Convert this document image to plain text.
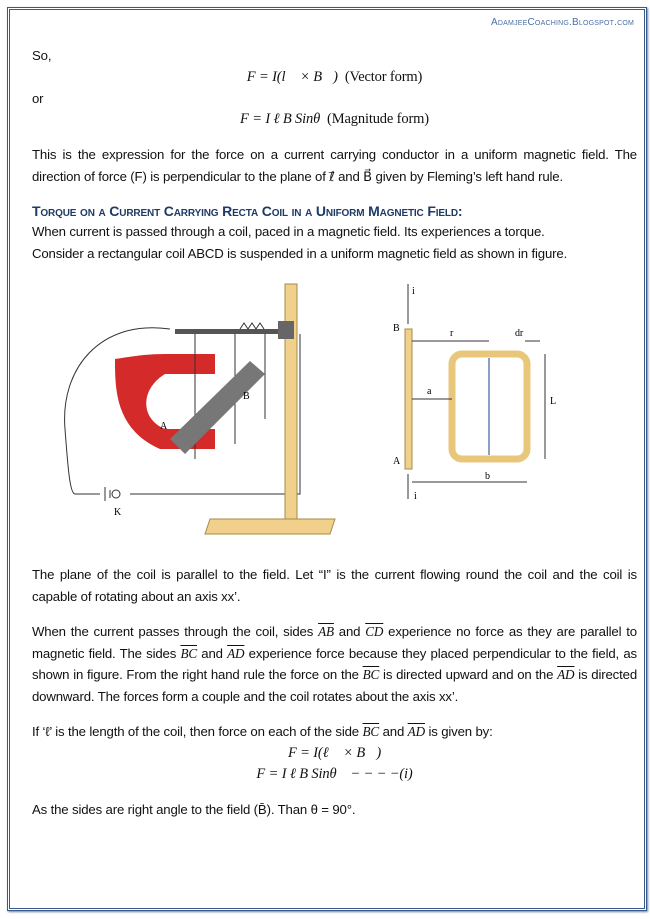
AdamjeeCoaching.Blogspot.com

So,

F = I(l⃗ × B⃗) (Vector form)

or

F = I ℓ B Sinθ (Magnitude form)

This is the expression for the force on a current carrying conductor in a uniform magnetic field. The direction of force (F) is perpendicular to the plane of ℓ⃗ and B⃗ given by Fleming’s left hand rule.

Torque on a Current Carrying Recta Coil in a Uniform Magnetic Field:

When current is passed through a coil, paced in a magnetic field. Its experiences a torque.

Consider a rectangular coil ABCD is suspended in a uniform magnetic field as shown in figure.

B
A
K
i
B	r	dr
a
L
A
b
i

The plane of the coil is parallel to the field. Let “I” is the current flowing round the coil and the coil is capable of rotating about an axis xx’.

When the current passes through the coil, sides $\overline{AB}$ and $\overline{CD}$ experience no force as they are parallel to magnetic field. The sides $\overline{BC}$ and $\overline{AD}$ experience force because they placed perpendicular to the field, as shown in figure. From the right hand rule the force on the $\overline{BC}$ is directed upward and on the $\overline{AD}$ is directed downward. The forces form a couple and the coil rotates about the axis xx’.

If ‘ℓ’ is the length of the coil, then force on each of the side $\overline{BC}$ and $\overline{AD}$ is given by:

F = I(ℓ⃗ × B⃗)

F = I ℓ B Sinθ    − − − −(i)

As the sides are right angle to the field (B̄). Than θ = 90°.
